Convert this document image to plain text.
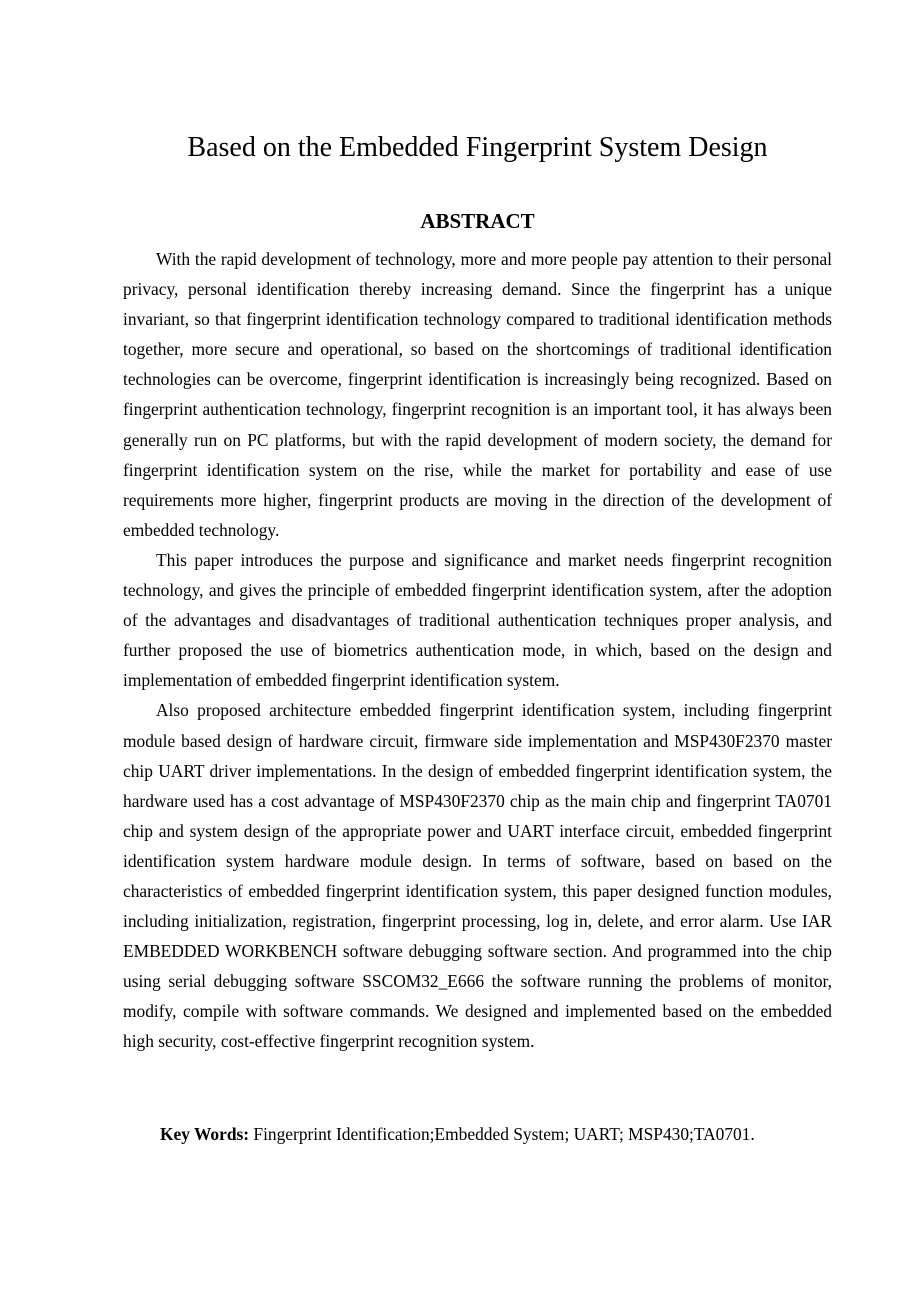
Based on the Embedded Fingerprint System Design
ABSTRACT

With the rapid development of technology, more and more people pay attention to their personal privacy, personal identification thereby increasing demand. Since the fingerprint has a unique invariant, so that fingerprint identification technology compared to traditional identification methods together, more secure and operational, so based on the shortcomings of traditional identification technologies can be overcome, fingerprint identification is increasingly being recognized. Based on fingerprint authentication technology, fingerprint recognition is an important tool, it has always been generally run on PC platforms, but with the rapid development of modern society, the demand for fingerprint identification system on the rise, while the market for portability and ease of use requirements more higher, fingerprint products are moving in the direction of the development of embedded technology.

This paper introduces the purpose and significance and market needs fingerprint recognition technology, and gives the principle of embedded fingerprint identification system, after the adoption of the advantages and disadvantages of traditional authentication techniques proper analysis, and further proposed the use of biometrics authentication mode, in which, based on the design and implementation of embedded fingerprint identification system.

Also proposed architecture embedded fingerprint identification system, including fingerprint module based design of hardware circuit, firmware side implementation and MSP430F2370 master chip UART driver implementations. In the design of embedded fingerprint identification system, the hardware used has a cost advantage of MSP430F2370 chip as the main chip and fingerprint TA0701 chip and system design of the appropriate power and UART interface circuit, embedded fingerprint identification system hardware module design. In terms of software, based on based on the characteristics of embedded fingerprint identification system, this paper designed function modules, including initialization, registration, fingerprint processing, log in, delete, and error alarm. Use IAR EMBEDDED WORKBENCH software debugging software section. And programmed into the chip using serial debugging software SSCOM32_E666 the software running the problems of monitor, modify, compile with software commands. We designed and implemented based on the embedded high security, cost-effective fingerprint recognition system.

Key Words: Fingerprint Identification;Embedded System; UART; MSP430;TA0701.
